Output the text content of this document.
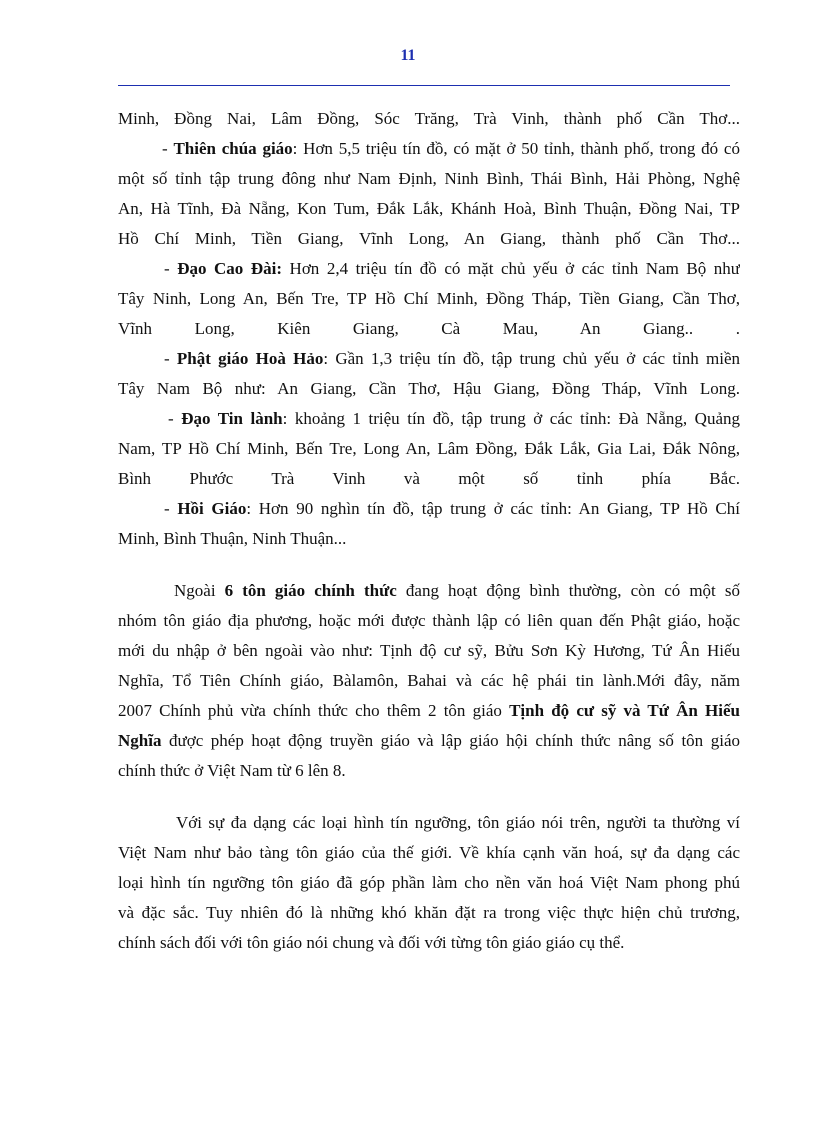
11
Minh, Đồng Nai, Lâm Đồng, Sóc Trăng, Trà Vinh, thành phố Cần Thơ...
- Thiên chúa giáo: Hơn 5,5 triệu tín đồ, có mặt ở 50 tỉnh, thành phố, trong đó có
một số tỉnh tập trung đông như Nam Định, Ninh Bình, Thái Bình, Hải Phòng, Nghệ
An, Hà Tĩnh, Đà Nẵng, Kon Tum, Đắk Lắk, Khánh Hoà, Bình Thuận, Đồng Nai, TP
Hồ Chí Minh, Tiền Giang, Vĩnh Long, An Giang, thành phố Cần Thơ...
- Đạo Cao Đài: Hơn 2,4 triệu tín đồ có mặt chủ yếu ở các tỉnh Nam Bộ như
Tây Ninh, Long An, Bến Tre, TP Hồ Chí Minh, Đồng Tháp, Tiền Giang, Cần Thơ,
Vĩnh Long, Kiên Giang, Cà Mau, An Giang.. .
- Phật giáo Hoà Hảo: Gần 1,3 triệu tín đồ, tập trung chủ yếu ở các tỉnh miền
Tây Nam Bộ như: An Giang, Cần Thơ, Hậu Giang, Đồng Tháp, Vĩnh Long.
- Đạo Tin lành: khoảng 1 triệu tín đồ, tập trung ở các tỉnh: Đà Nẵng, Quảng
Nam, TP Hồ Chí Minh, Bến Tre, Long An, Lâm Đồng, Đắk Lắk, Gia Lai, Đắk Nông,
Bình Phước Trà Vinh và một số tỉnh phía Bắc.
- Hồi Giáo: Hơn 90 nghìn tín đồ, tập trung ở các tỉnh: An Giang, TP Hồ Chí
Minh, Bình Thuận, Ninh Thuận...
Ngoài 6 tôn giáo chính thức đang hoạt động bình thường, còn có một số
nhóm tôn giáo địa phương, hoặc mới được thành lập có liên quan đến Phật giáo, hoặc
mới du nhập ở bên ngoài vào như: Tịnh độ cư sỹ, Bửu Sơn Kỳ Hương, Tứ Ân Hiếu
Nghĩa, Tổ Tiên Chính giáo, Bàlamôn, Bahai và các hệ phái tin lành.Mới đây, năm
2007 Chính phủ vừa chính thức cho thêm 2 tôn giáo Tịnh độ cư sỹ và Tứ Ân Hiếu
Nghĩa được phép hoạt động truyền giáo và lập giáo hội chính thức nâng số tôn giáo
chính thức ở Việt Nam từ 6 lên 8.
Với sự đa dạng các loại hình tín ngưỡng, tôn giáo nói trên, người ta thường ví
Việt Nam như bảo tàng tôn giáo của thế giới. Về khía cạnh văn hoá, sự đa dạng các
loại hình tín ngưỡng tôn giáo đã góp phần làm cho nền văn hoá Việt Nam phong phú
và đặc sắc. Tuy nhiên đó là những khó khăn đặt ra trong việc thực hiện chủ trương,
chính sách đối với tôn giáo nói chung và đối với từng tôn giáo giáo cụ thể.
